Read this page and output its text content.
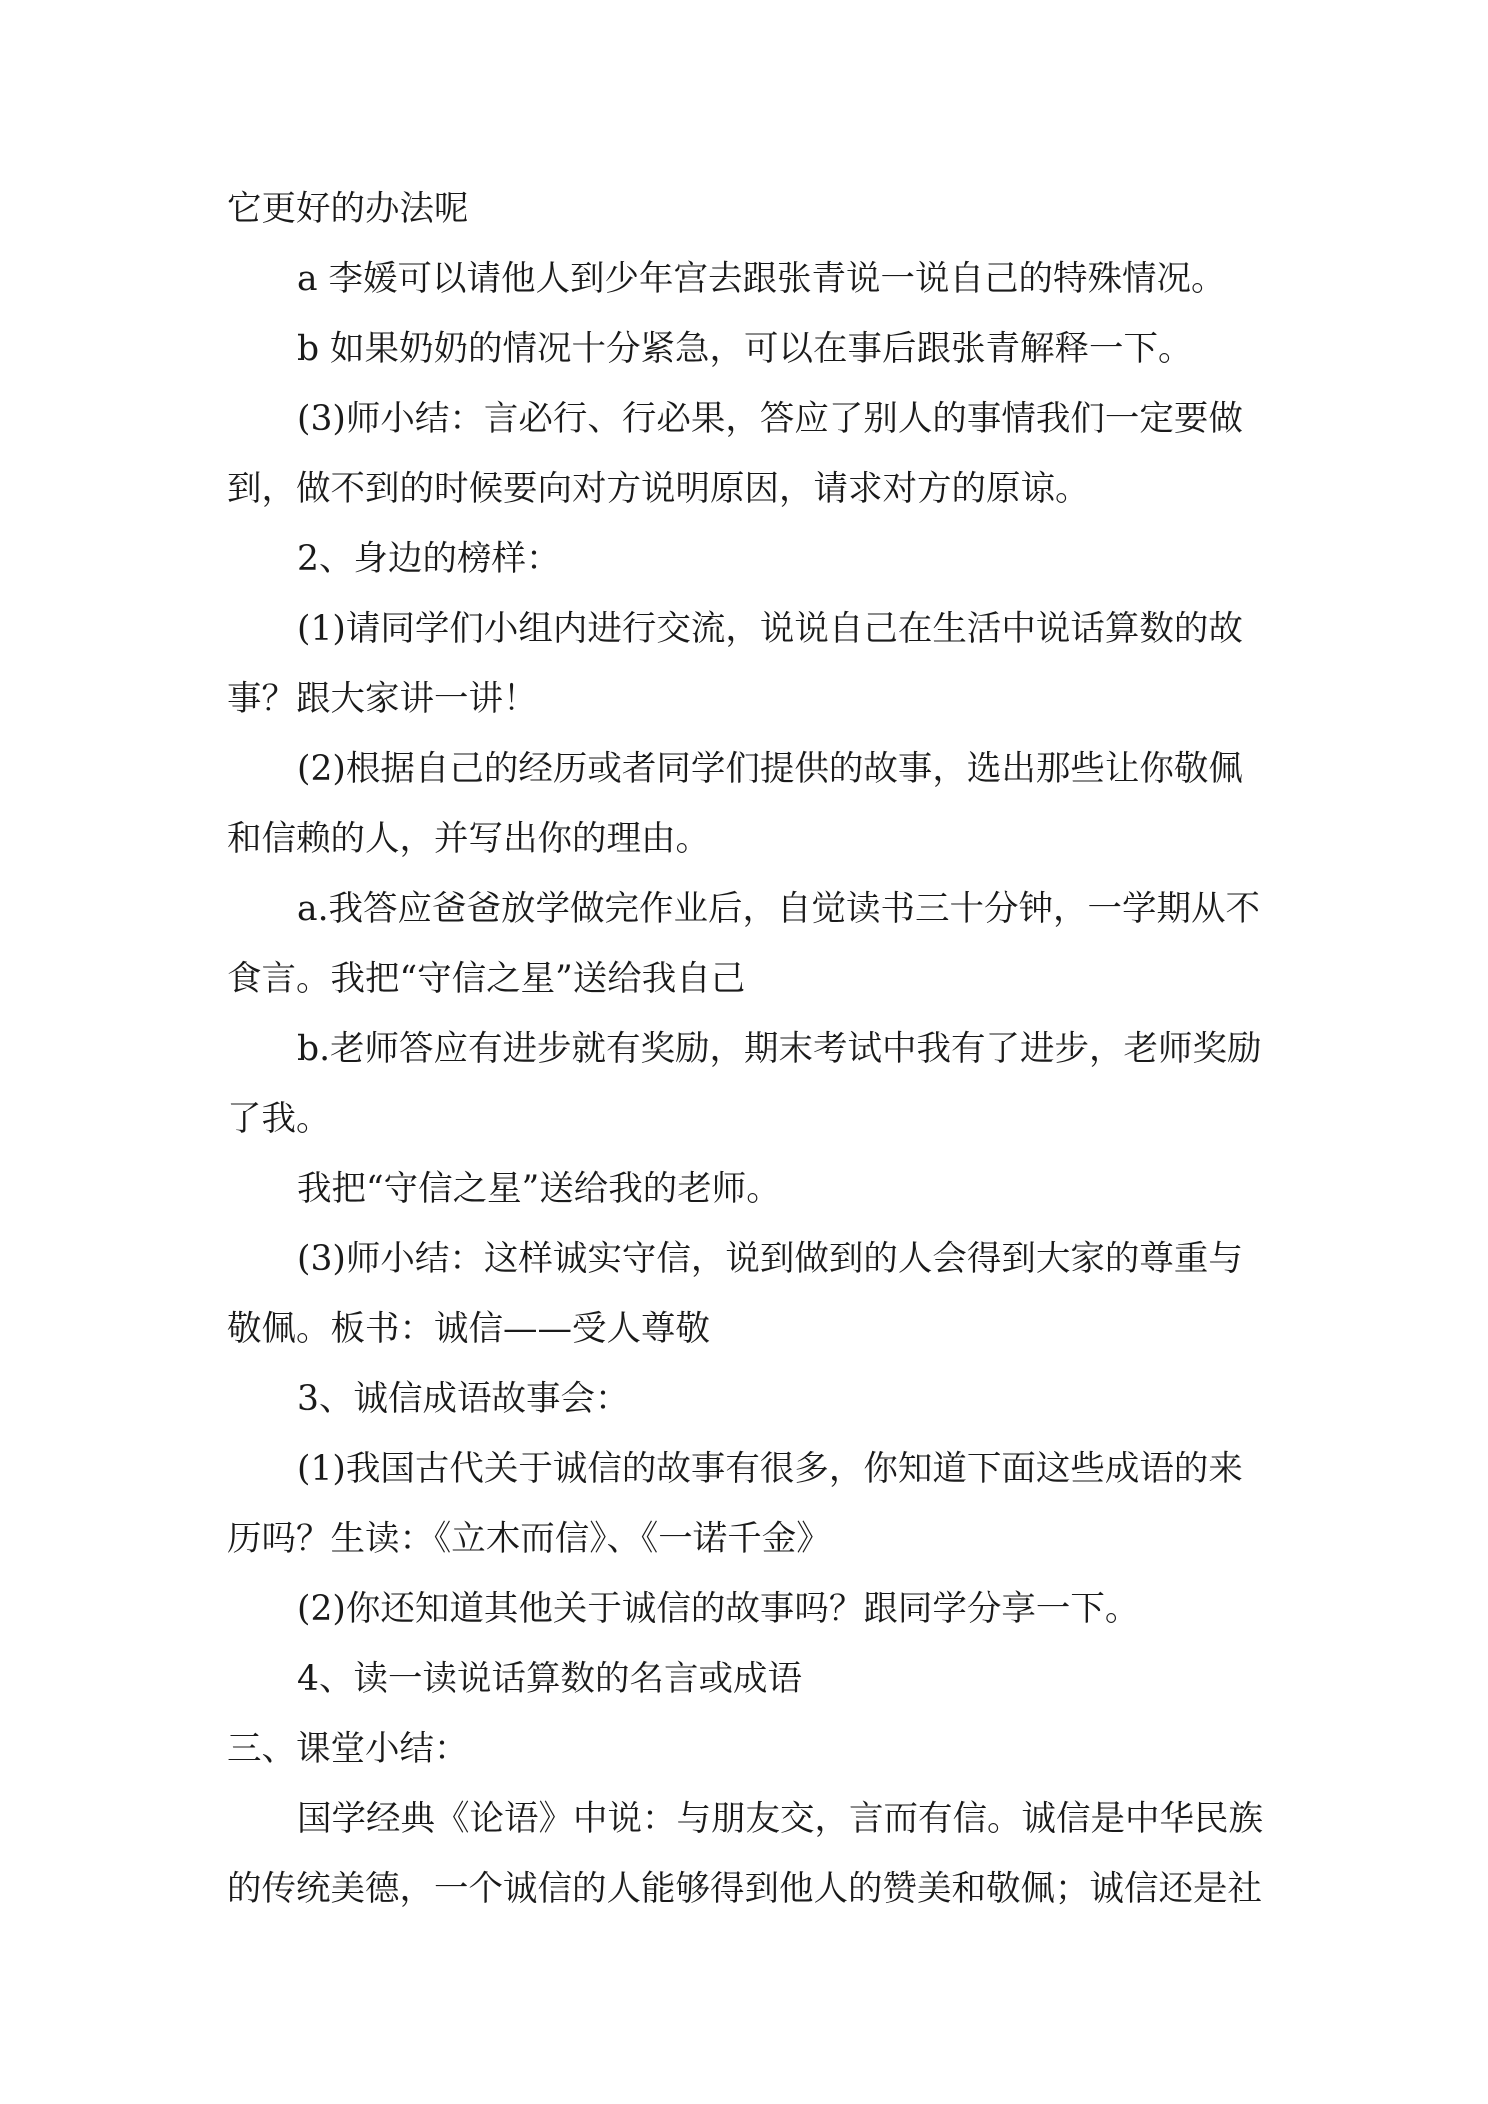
它更好的办法呢

a 李媛可以请他人到少年宫去跟张青说一说自己的特殊情况。

b 如果奶奶的情况十分紧急，可以在事后跟张青解释一下。

(3)师小结：言必行、行必果，答应了别人的事情我们一定要做

到，做不到的时候要向对方说明原因，请求对方的原谅。

2、身边的榜样：

(1)请同学们小组内进行交流，说说自己在生活中说话算数的故

事？跟大家讲一讲！

(2)根据自己的经历或者同学们提供的故事，选出那些让你敬佩

和信赖的人，并写出你的理由。

a.我答应爸爸放学做完作业后，自觉读书三十分钟，一学期从不

食言。我把“守信之星”送给我自己

b.老师答应有进步就有奖励，期末考试中我有了进步，老师奖励

了我。

我把“守信之星”送给我的老师。

(3)师小结：这样诚实守信，说到做到的人会得到大家的尊重与

敬佩。板书：诚信——受人尊敬

3、诚信成语故事会：

(1)我国古代关于诚信的故事有很多，你知道下面这些成语的来

历吗？生读：《立木而信》、《一诺千金》

(2)你还知道其他关于诚信的故事吗？跟同学分享一下。

4、读一读说话算数的名言或成语

三、课堂小结：

国学经典《论语》中说：与朋友交，言而有信。诚信是中华民族

的传统美德，一个诚信的人能够得到他人的赞美和敬佩；诚信还是社
